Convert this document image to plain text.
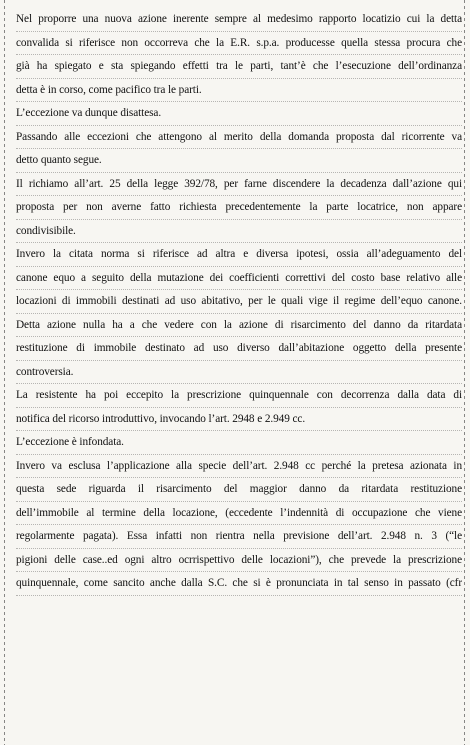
Nel proporre una nuova azione inerente sempre al medesimo rapporto locatizio cui la detta
convalida si riferisce non occorreva che la E.R. s.p.a. producesse quella stessa procura che
già ha spiegato e sta spiegando effetti tra le parti, tant’è che l’esecuzione dell’ordinanza
detta è in corso, come pacifico tra le parti.
L’eccezione va dunque disattesa.
Passando alle eccezioni che attengono al merito della domanda proposta dal ricorrente va
detto quanto segue.
Il richiamo all’art. 25 della legge 392/78, per farne discendere la decadenza dall’azione qui
proposta per non averne fatto richiesta precedentemente la parte locatrice, non appare
condivisibile.
Invero la citata norma si riferisce ad altra e diversa ipotesi, ossia all’adeguamento del
canone equo a seguito della mutazione dei coefficienti correttivi del costo base relativo alle
locazioni di immobili destinati ad uso abitativo, per le quali vige il regime dell’equo canone.
Detta azione nulla ha a che vedere con la azione di risarcimento del danno da ritardata
restituzione di immobile destinato ad uso diverso dall’abitazione oggetto della presente
controversia.
La resistente ha poi eccepito la prescrizione quinquennale con decorrenza dalla data di
notifica del ricorso introduttivo, invocando l’art. 2948 e 2.949 cc.
L’eccezione è infondata.
Invero va esclusa l’applicazione alla specie dell’art. 2.948 cc perché la pretesa azionata in
questa sede riguarda il risarcimento del maggior danno da ritardata restituzione
dell’immobile al termine della locazione, (eccedente l’indennità di occupazione che viene
regolarmente pagata). Essa infatti non rientra nella previsione dell’art. 2.948 n. 3 (“le
pigioni delle case..ed ogni altro ocrrispettivo delle locazioni”), che prevede la prescrizione
quinquennale, come sancito anche dalla S.C. che si è pronunciata in tal senso in passato (cfr
